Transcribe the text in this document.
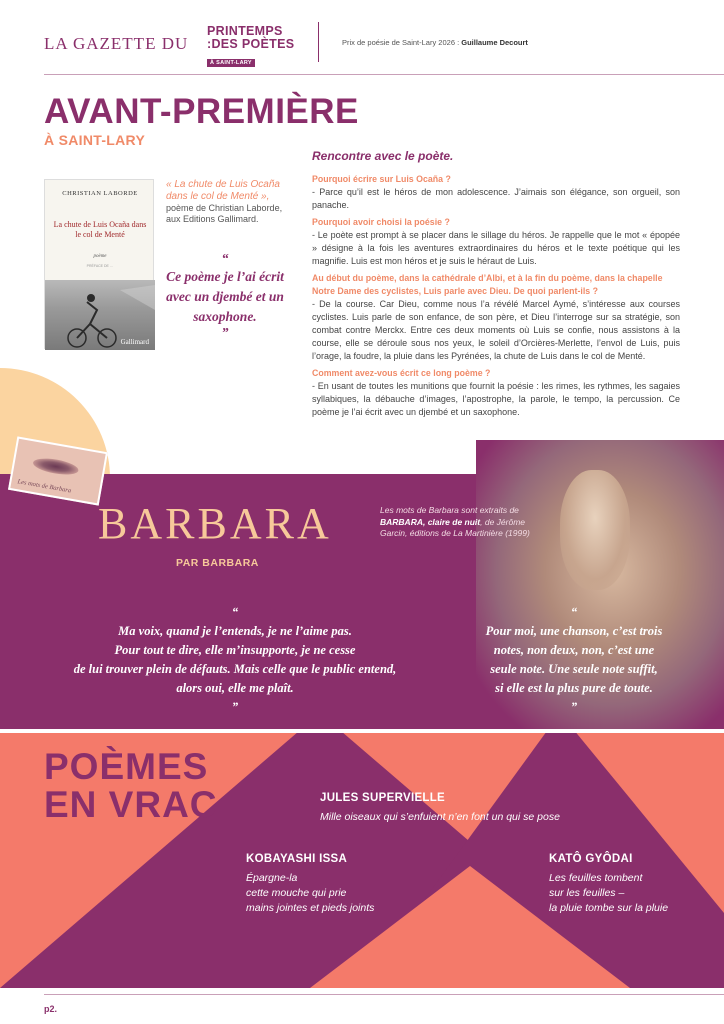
LA GAZETTE DU
PRINTEMPS
:DES POÈTES
À SAINT-LARY
Prix de poésie de Saint-Lary 2026 : Guillaume Decourt
AVANT-PREMIÈRE
À SAINT-LARY
CHRISTIAN LABORDE
La chute de Luis Ocaña dans le col de Menté
poème
PRÉFACE DE …
Gallimard
« La chute de Luis Ocaña dans le col de Menté »,
poème de Christian Laborde, aux Editions Gallimard.
“
Ce poème je l’ai écrit avec un djembé et un saxophone.
”
Rencontre avec le poète.
Pourquoi écrire sur Luis Ocaña ?
- Parce qu’il est le héros de mon adolescence. J’aimais son élégance, son orgueil, son panache.
Pourquoi avoir choisi la poésie ?
- Le poète est prompt à se placer dans le sillage du héros. Je rappelle que le mot « épopée » désigne à la fois les aventures extraordinaires du héros et le texte poétique qui les magnifie. Luis est mon héros et je suis le héraut de Luis.
Au début du poème, dans la cathédrale d’Albi, et à la fin du poème, dans la chapelle Notre Dame des cyclistes, Luis parle avec Dieu. De quoi parlent-ils ?
- De la course. Car Dieu, comme nous l’a révélé Marcel Aymé, s’intéresse aux courses cyclistes. Luis parle de son enfance, de son père, et Dieu l’interroge sur sa stratégie, son combat contre Merckx. Entre ces deux moments où Luis se confie, nous assistons à la course, elle se déroule sous nos yeux, le soleil d’Orcières-Merlette, l’envol de Luis, puis l’orage, la foudre, la pluie dans les Pyrénées, la chute de Luis dans le col de Menté.
Comment avez-vous écrit ce long poème ?
- En usant de toutes les munitions que fournit la poésie : les rimes, les rythmes, les sagaies syllabiques, la débauche d’images, l’apostrophe, la parole, le tempo, la percussion. Ce poème je l’ai écrit avec un djembé et un saxophone.
Les mots de Barbara
BARBARA
PAR BARBARA
Les mots de Barbara sont extraits de BARBARA, claire de nuit, de Jérôme Garcin, éditions de La Martinière (1999)
“
Ma voix, quand je l’entends, je ne l’aime pas.
Pour tout te dire, elle m’insupporte, je ne cesse
de lui trouver plein de défauts. Mais celle que le public entend,
alors oui, elle me plaît.
”
“
Pour moi, une chanson, c’est trois
notes, non deux, non, c’est une
seule note. Une seule note suffit,
si elle est la plus pure de toute.
”
POÈMES
EN VRAC	JULES SUPERVIELLE
Mille oiseaux qui s’enfuient n’en font un qui se pose
KOBAYASHI ISSA
Épargne-la
cette mouche qui prie
mains jointes et pieds joints
KATÔ GYÔDAI
Les feuilles tombent
sur les feuilles –
la pluie tombe sur la pluie
p2.
